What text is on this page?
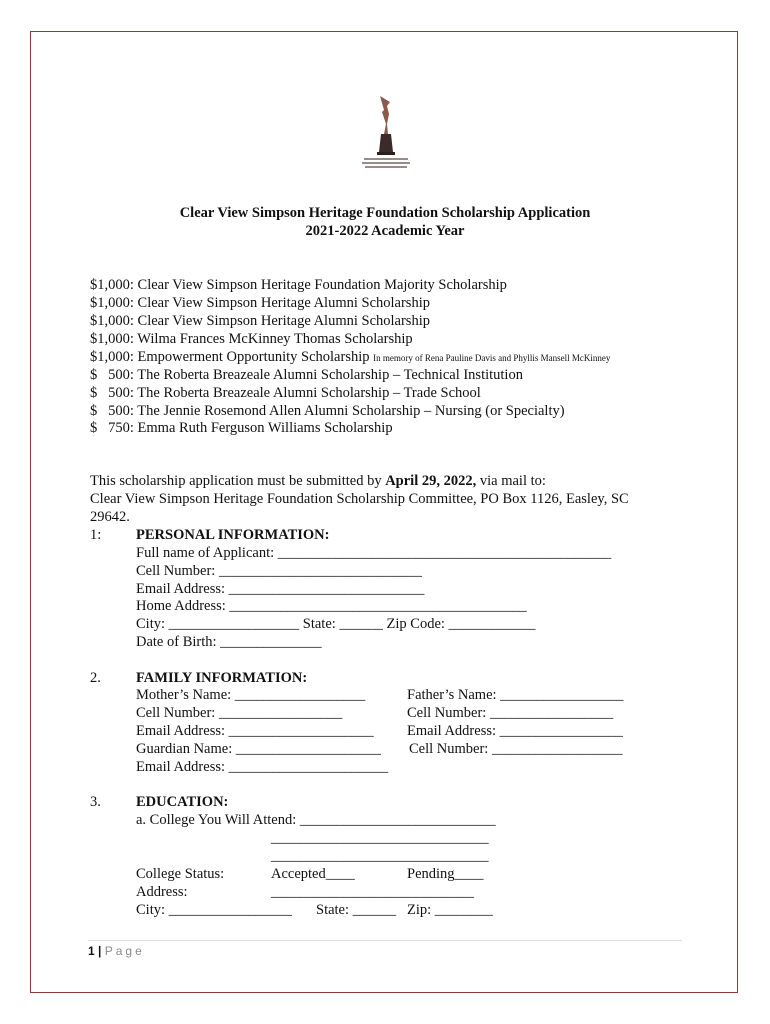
Clear View Simpson Heritage Foundation Scholarship Application
2021-2022 Academic Year
$1,000: Clear View Simpson Heritage Foundation Majority Scholarship
$1,000: Clear View Simpson Heritage Alumni Scholarship
$1,000: Clear View Simpson Heritage Alumni Scholarship
$1,000: Wilma Frances McKinney Thomas Scholarship
$1,000: Empowerment Opportunity Scholarship In memory of Rena Pauline Davis and Phyllis Mansell McKinney
$   500: The Roberta Breazeale Alumni Scholarship – Technical Institution
$   500: The Roberta Breazeale Alumni Scholarship – Trade School
$   500: The Jennie Rosemond Allen Alumni Scholarship – Nursing (or Specialty)
$   750: Emma Ruth Ferguson Williams Scholarship
This scholarship application must be submitted by April 29, 2022, via mail to:
Clear View Simpson Heritage Foundation Scholarship Committee, PO Box 1126, Easley, SC
29642.
1: PERSONAL INFORMATION:
Full name of Applicant: ______________________________________________
Cell Number: ____________________________
Email Address: ___________________________
Home Address: _________________________________________
City: __________________ State: ______ Zip Code: ____________
Date of Birth: ______________
2. FAMILY INFORMATION:
Mother’s Name: __________________	Father’s Name: _________________
Cell Number: _________________	Cell Number: _________________
Email Address: ____________________ Email Address: _________________
Guardian Name: ____________________ Cell Number: __________________
Email Address: ______________________
3. EDUCATION:
a. College You Will Attend: ___________________________
______________________________
______________________________
College Status:	Accepted____	Pending____
Address:	____________________________
City: _________________ State: ______ Zip: ________
1 | Page
